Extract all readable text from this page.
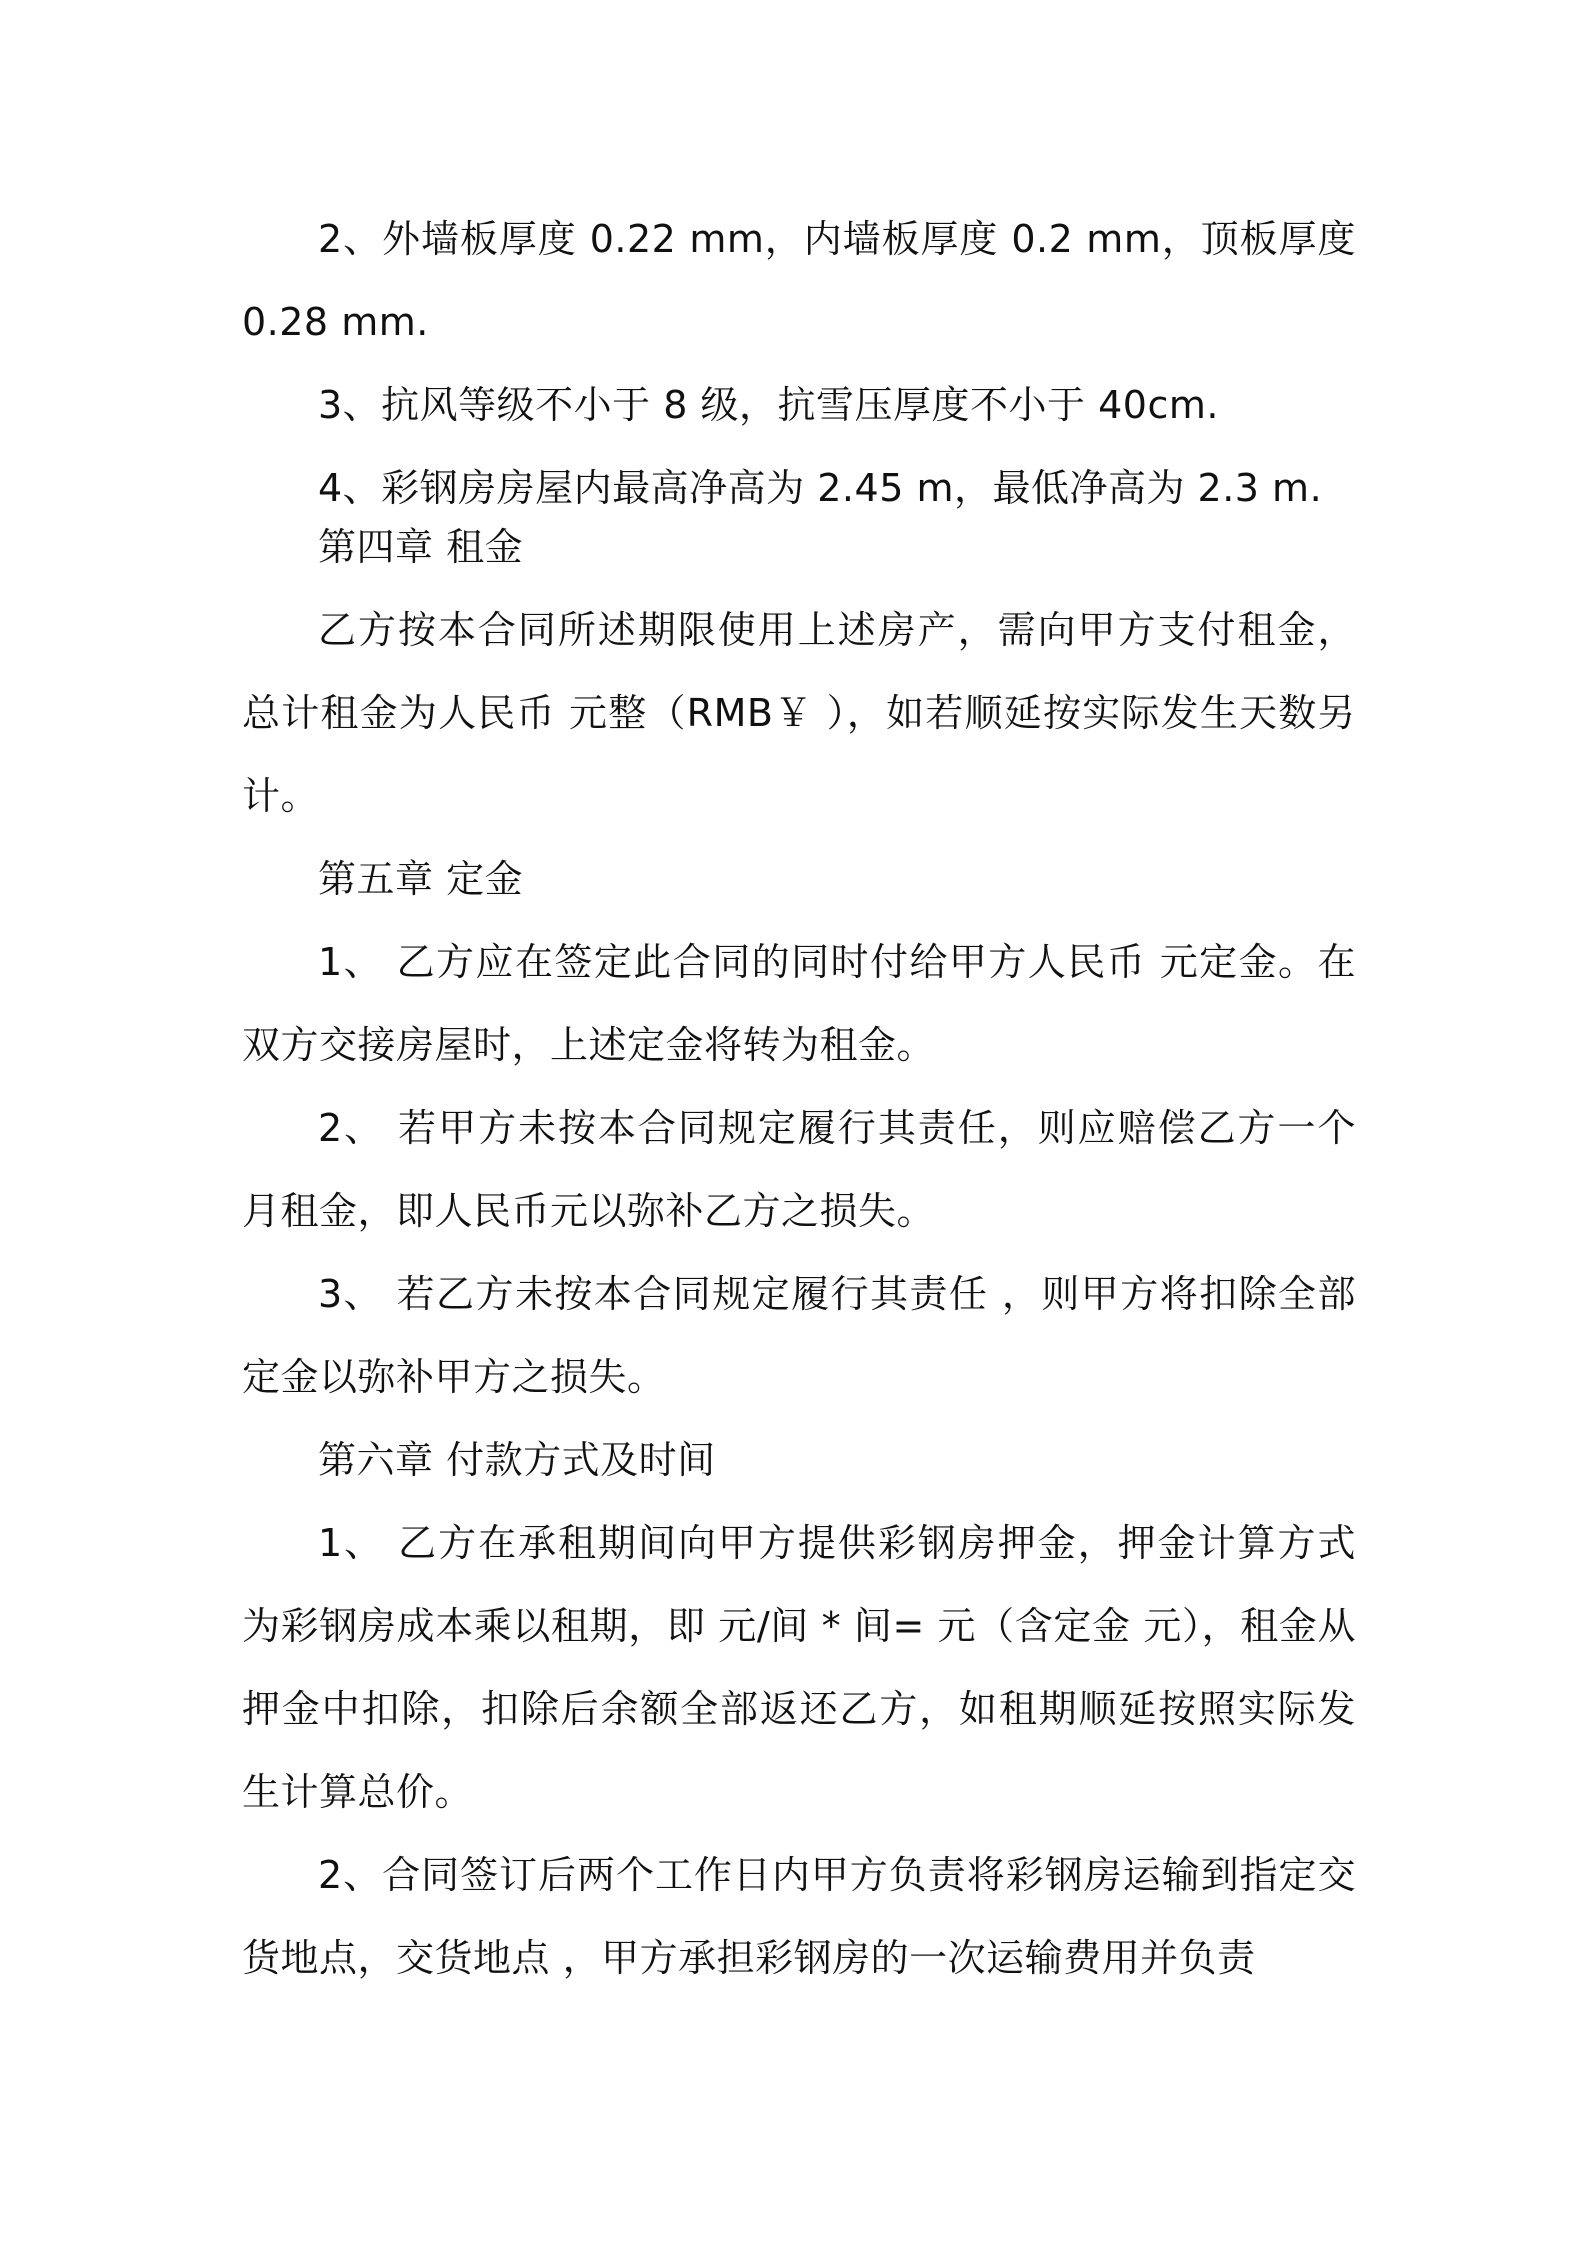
2、外墙板厚度 0.22 mm，内墙板厚度 0.2 mm，顶板厚度 0.28 mm.

3、抗风等级不小于 8 级，抗雪压厚度不小于 40cm.

4、彩钢房房屋内最高净高为 2.45 m，最低净高为 2.3 m.

第四章 租金

乙方按本合同所述期限使用上述房产，需向甲方支付租金，总计租金为人民币 元整（RMB￥ ），如若顺延按实际发生天数另计。

第五章 定金

1、 乙方应在签定此合同的同时付给甲方人民币 元定金。在双方交接房屋时，上述定金将转为租金。

2、 若甲方未按本合同规定履行其责任，则应赔偿乙方一个月租金，即人民币元以弥补乙方之损失。

3、 若乙方未按本合同规定履行其责任 ，则甲方将扣除全部定金以弥补甲方之损失。

第六章 付款方式及时间

1、 乙方在承租期间向甲方提供彩钢房押金，押金计算方式为彩钢房成本乘以租期，即 元/间 * 间= 元（含定金 元），租金从押金中扣除，扣除后余额全部返还乙方，如租期顺延按照实际发生计算总价。

2、合同签订后两个工作日内甲方负责将彩钢房运输到指定交货地点，交货地点 ，甲方承担彩钢房的一次运输费用并负责
